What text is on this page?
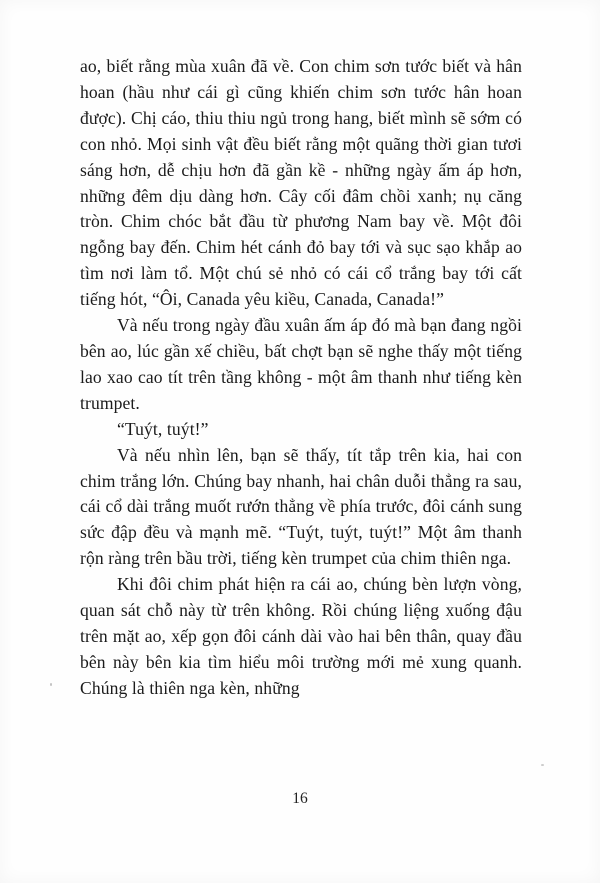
ao, biết rằng mùa xuân đã về. Con chim sơn tước biết và hân hoan (hầu như cái gì cũng khiến chim sơn tước hân hoan được). Chị cáo, thiu thiu ngủ trong hang, biết mình sẽ sớm có con nhỏ. Mọi sinh vật đều biết rằng một quãng thời gian tươi sáng hơn, dễ chịu hơn đã gần kề - những ngày ấm áp hơn, những đêm dịu dàng hơn. Cây cối đâm chồi xanh; nụ căng tròn. Chim chóc bắt đầu từ phương Nam bay về. Một đôi ngỗng bay đến. Chim hét cánh đỏ bay tới và sục sạo khắp ao tìm nơi làm tổ. Một chú sẻ nhỏ có cái cổ trắng bay tới cất tiếng hót, “Ôi, Canada yêu kiều, Canada, Canada!”

Và nếu trong ngày đầu xuân ấm áp đó mà bạn đang ngồi bên ao, lúc gần xế chiều, bất chợt bạn sẽ nghe thấy một tiếng lao xao cao tít trên tầng không - một âm thanh như tiếng kèn trumpet.

“Tuýt, tuýt!”

Và nếu nhìn lên, bạn sẽ thấy, tít tắp trên kia, hai con chim trắng lớn. Chúng bay nhanh, hai chân duỗi thẳng ra sau, cái cổ dài trắng muốt rướn thẳng về phía trước, đôi cánh sung sức đập đều và mạnh mẽ. “Tuýt, tuýt, tuýt!” Một âm thanh rộn ràng trên bầu trời, tiếng kèn trumpet của chim thiên nga.

Khi đôi chim phát hiện ra cái ao, chúng bèn lượn vòng, quan sát chỗ này từ trên không. Rồi chúng liệng xuống đậu trên mặt ao, xếp gọn đôi cánh dài vào hai bên thân, quay đầu bên này bên kia tìm hiểu môi trường mới mẻ xung quanh. Chúng là thiên nga kèn, những

16
